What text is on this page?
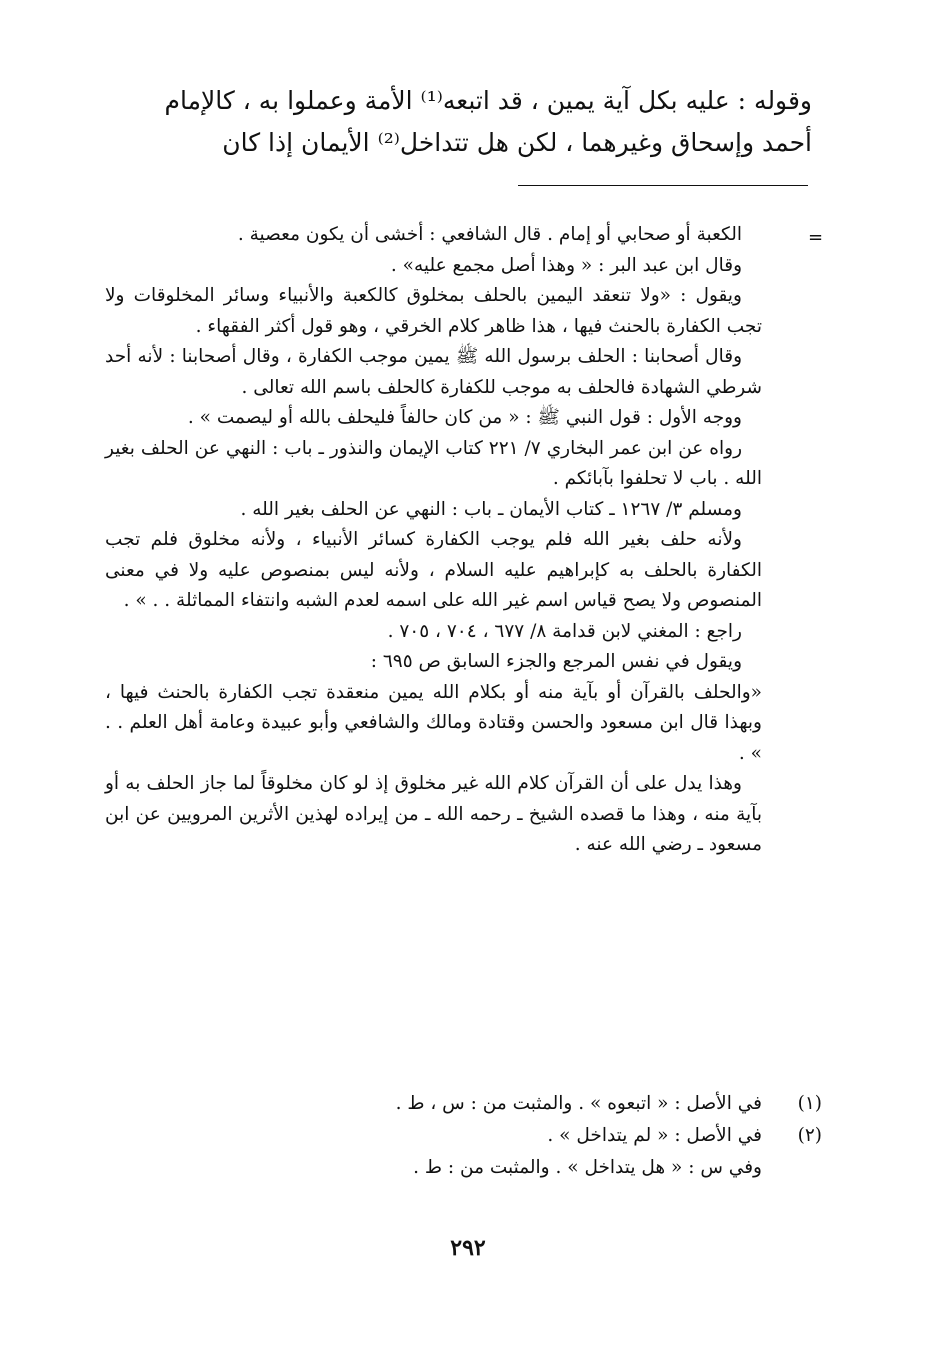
وقوله : عليه بكل آية يمين ، قد اتبعه⁽¹⁾ الأمة وعملوا به ، كالإمام

أحمد وإسحاق وغيرهما ، لكن هل تتداخل⁽²⁾ الأيمان إذا كان

=

الكعبة أو صحابي أو إمام . قال الشافعي : أخشى أن يكون معصية .

وقال ابن عبد البر : « وهذا أصل مجمع عليه» .

ويقول : «ولا تنعقد اليمين بالحلف بمخلوق كالكعبة والأنبياء وسائر المخلوقات ولا تجب الكفارة بالحنث فيها ، هذا ظاهر كلام الخرقي ، وهو قول أكثر الفقهاء .

وقال أصحابنا : الحلف برسول الله ﷺ يمين موجب الكفارة ، وقال أصحابنا : لأنه أحد شرطي الشهادة فالحلف به موجب للكفارة كالحلف باسم الله تعالى .

ووجه الأول : قول النبي ﷺ : « من كان حالفاً فليحلف بالله أو ليصمت » .

رواه عن ابن عمر البخاري ٧/ ٢٢١ كتاب الإيمان والنذور ـ باب : النهي عن الحلف بغير الله . باب لا تحلفوا بآبائكم .

ومسلم ٣/ ١٢٦٧ ـ كتاب الأيمان ـ باب : النهي عن الحلف بغير الله .

ولأنه حلف بغير الله فلم يوجب الكفارة كسائر الأنبياء ، ولأنه مخلوق فلم تجب الكفارة بالحلف به كإبراهيم عليه السلام ، ولأنه ليس بمنصوص عليه ولا في معنى المنصوص ولا يصح قياس اسم غير الله على اسمه لعدم الشبه وانتفاء المماثلة . . » .

راجع : المغني لابن قدامة ٨/ ٦٧٧ ، ٧٠٤ ، ٧٠٥ .

ويقول في نفس المرجع والجزء السابق ص ٦٩٥ :

«والحلف بالقرآن أو بآية منه أو بكلام الله يمين منعقدة تجب الكفارة بالحنث فيها ، وبهذا قال ابن مسعود والحسن وقتادة ومالك والشافعي وأبو عبيدة وعامة أهل العلم . . » .

وهذا يدل على أن القرآن كلام الله غير مخلوق إذ لو كان مخلوقاً لما جاز الحلف به أو بآية منه ، وهذا ما قصده الشيخ ـ رحمه الله ـ من إيراده لهذين الأثرين المرويين عن ابن مسعود ـ رضي الله عنه .

(١)
في الأصل : « اتبعوه » . والمثبت من : س ، ط .
(٢)
في الأصل : « لم يتداخل » .
وفي س : « هل يتداخل » . والمثبت من : ط .
٢٩٢
